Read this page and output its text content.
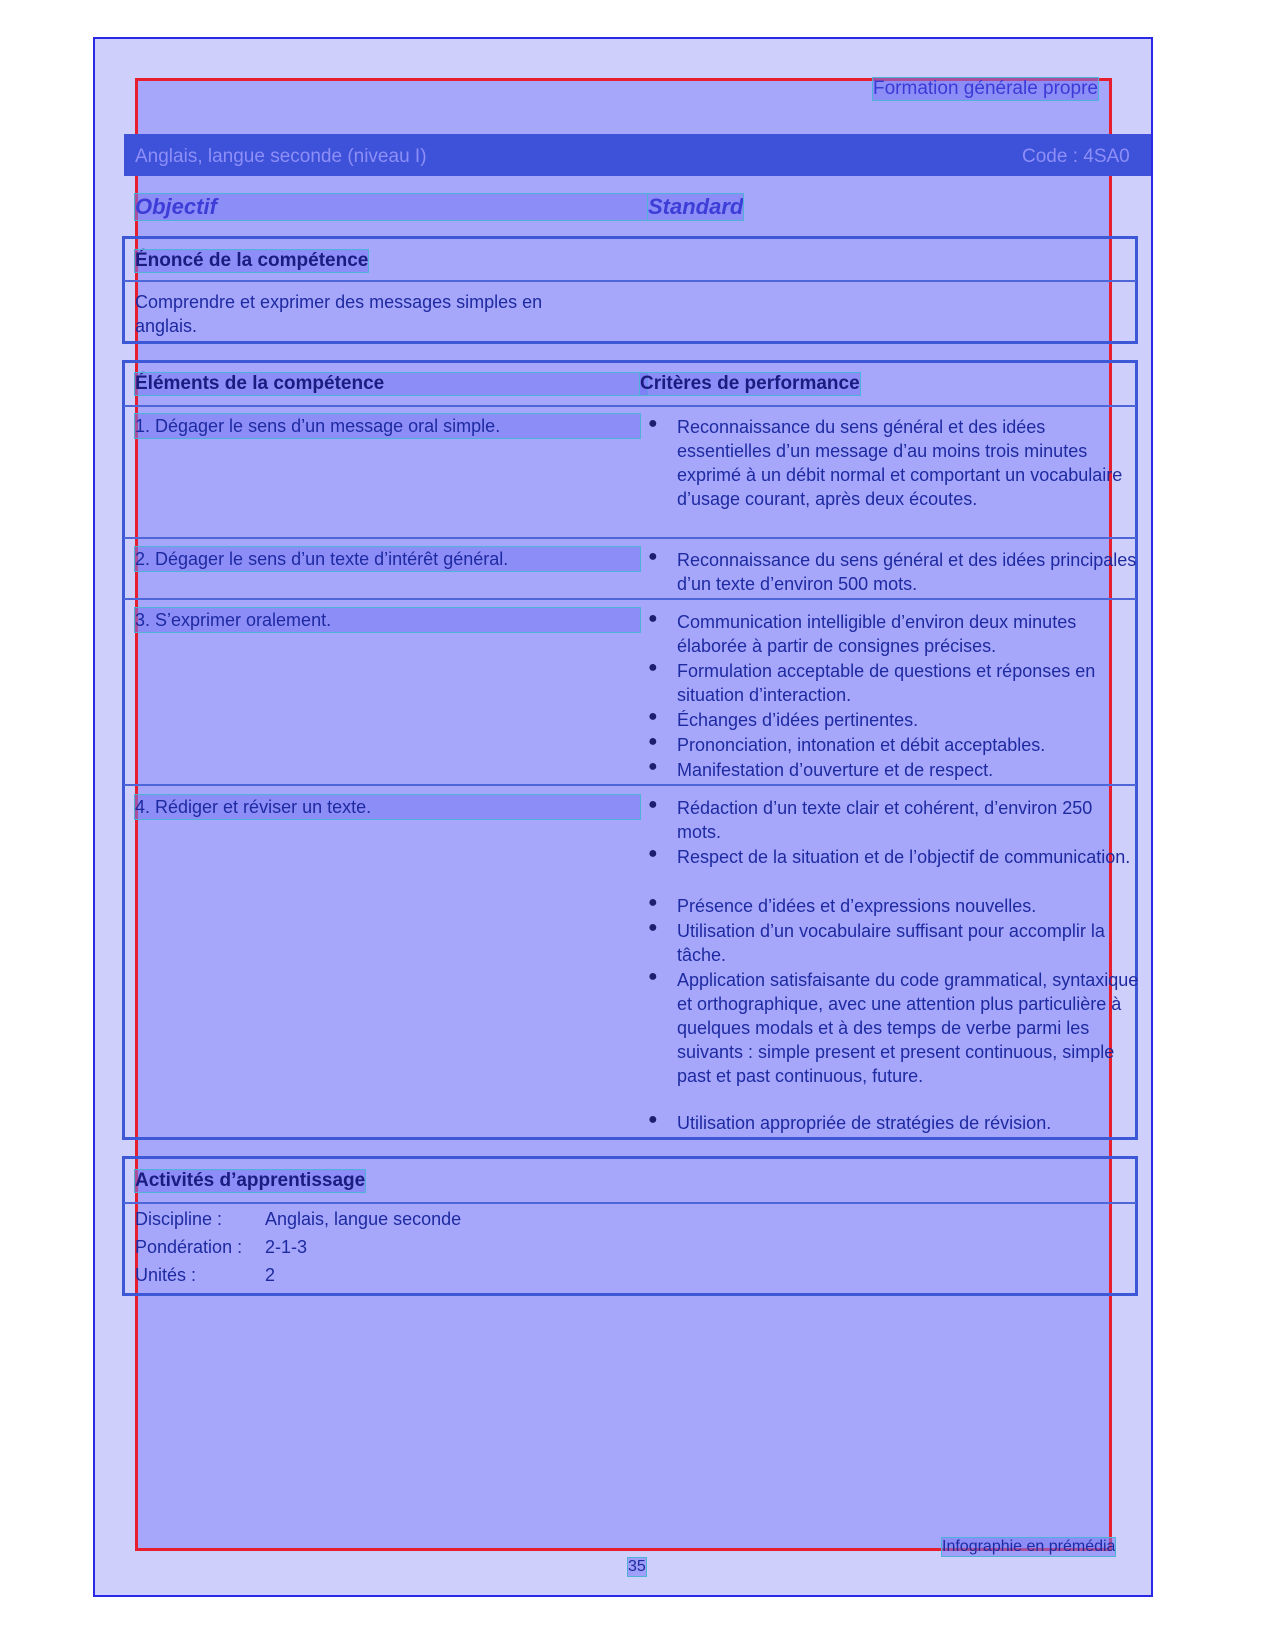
Formation générale propre
Anglais, langue seconde (niveau I)	Code : 4SA0
Objectif	Standard
Énoncé de la compétence
Comprendre et exprimer des messages simples en anglais.
Éléments de la compétence	Critères de performance
1. Dégager le sens d’un message oral simple.	● Reconnaissance du sens général et des idées essentielles d’un message d’au moins trois minutes exprimé à un débit normal et comportant un vocabulaire d’usage courant, après deux écoutes.
2. Dégager le sens d’un texte d’intérêt général.	● Reconnaissance du sens général et des idées principales d’un texte d’environ 500 mots.
3. S’exprimer oralement.	● Communication intelligible d’environ deux minutes élaborée à partir de consignes précises.
● Formulation acceptable de questions et réponses en situation d’interaction.
● Échanges d’idées pertinentes.
● Prononciation, intonation et débit acceptables.
● Manifestation d’ouverture et de respect.
4. Rédiger et réviser un texte.	● Rédaction d’un texte clair et cohérent, d’environ 250 mots.
● Respect de la situation et de l’objectif de communication.
● Présence d’idées et d’expressions nouvelles.
● Utilisation d’un vocabulaire suffisant pour accomplir la tâche.
● Application satisfaisante du code grammatical, syntaxique et orthographique, avec une attention plus particulière à quelques modals et à des temps de verbe parmi les suivants : simple present et present continuous, simple past et past continuous, future.
● Utilisation appropriée de stratégies de révision.
Activités d’apprentissage
Discipline : Anglais, langue seconde
Pondération : 2-1-3
Unités :	2
Infographie en prémédia
35
